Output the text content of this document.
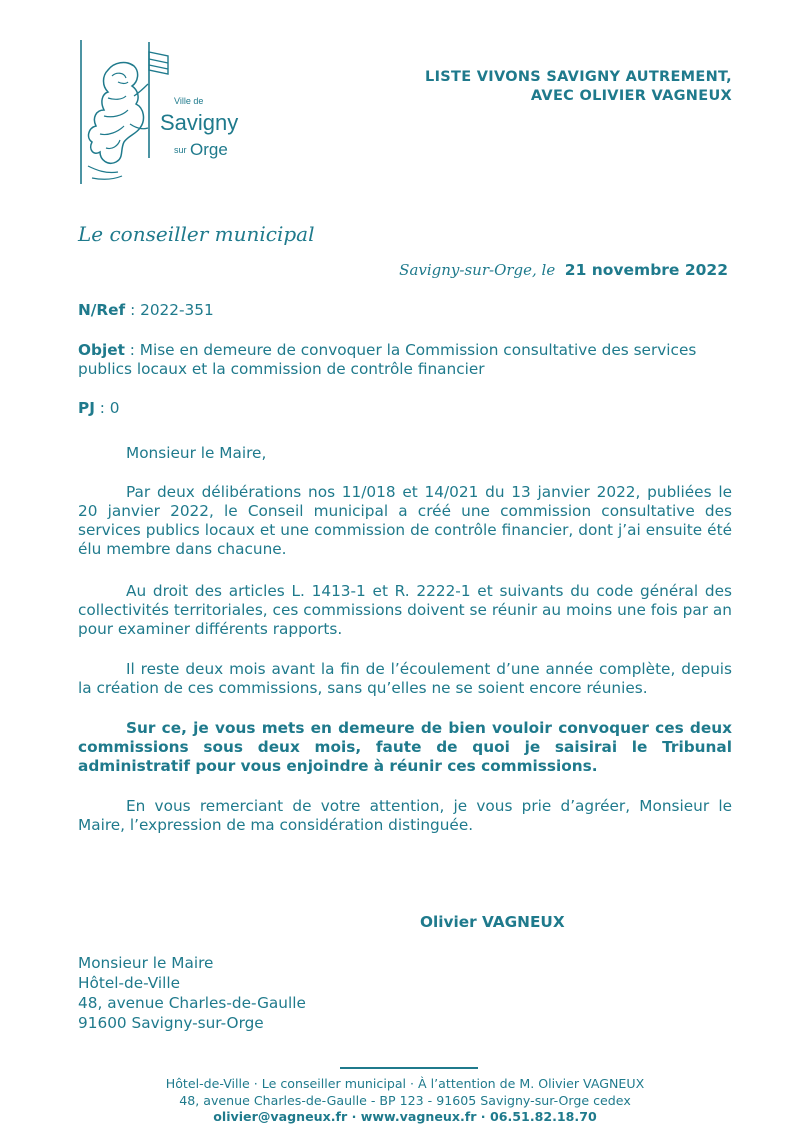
Ville de
Savigny
sur Orge
LISTE VIVONS SAVIGNY AUTREMENT,
AVEC OLIVIER VAGNEUX
Le conseiller municipal
Savigny-sur-Orge, le 21 novembre 2022
N/Ref : 2022-351
Objet : Mise en demeure de convoquer la Commission consultative des services publics locaux et la commission de contrôle financier
PJ : 0

Monsieur le Maire,

Par deux délibérations nos 11/018 et 14/021 du 13 janvier 2022, publiées le 20 janvier 2022, le Conseil municipal a créé une commission consultative des services publics locaux et une commission de contrôle financier, dont j’ai ensuite été élu membre dans chacune.

Au droit des articles L. 1413-1 et R. 2222-1 et suivants du code général des collectivités territoriales, ces commissions doivent se réunir au moins une fois par an pour examiner différents rapports.

Il reste deux mois avant la fin de l’écoulement d’une année complète, depuis la création de ces commissions, sans qu’elles ne se soient encore réunies.

Sur ce, je vous mets en demeure de bien vouloir convoquer ces deux commissions sous deux mois, faute de quoi je saisirai le Tribunal administratif pour vous enjoindre à réunir ces commissions.

En vous remerciant de votre attention, je vous prie d’agréer, Monsieur le Maire, l’expression de ma considération distinguée.

Olivier VAGNEUX
Monsieur le Maire
Hôtel-de-Ville
48, avenue Charles-de-Gaulle
91600 Savigny-sur-Orge
Hôtel-de-Ville · Le conseiller municipal · À l’attention de M. Olivier VAGNEUX
48, avenue Charles-de-Gaulle - BP 123 - 91605 Savigny-sur-Orge cedex
olivier@vagneux.fr · www.vagneux.fr · 06.51.82.18.70
